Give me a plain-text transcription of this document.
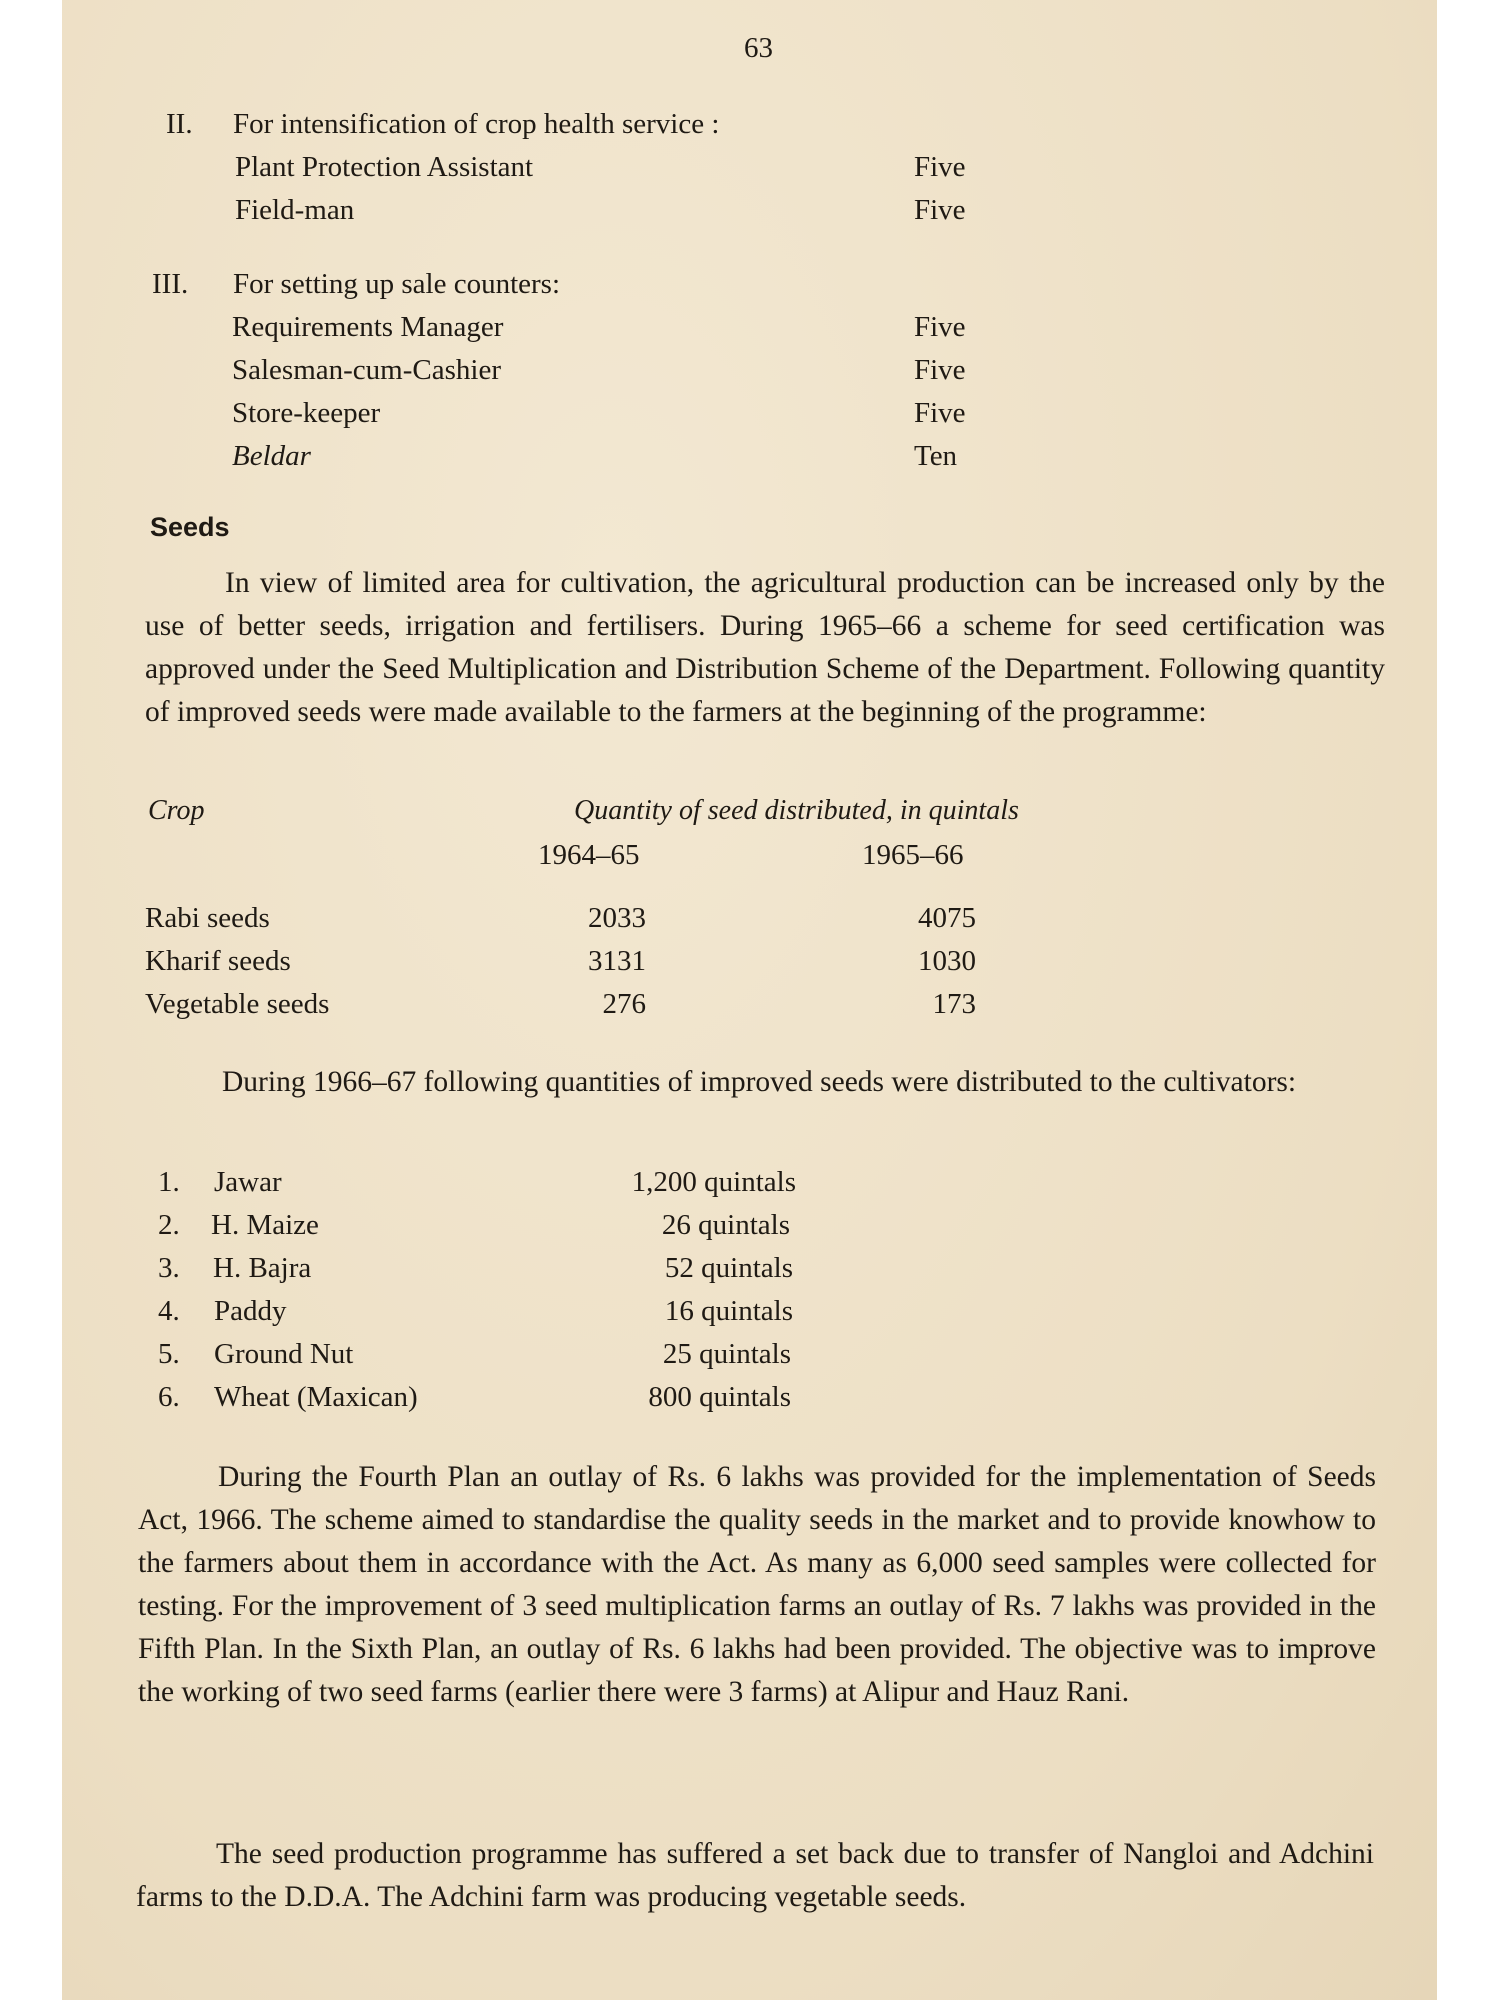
63
II. For intensification of crop health service :
Plant Protection Assistant	Five
Field-man	Five
III. For setting up sale counters:
Requirements Manager	Five
Salesman-cum-Cashier	Five
Store-keeper	Five
Beldar	Ten
Seeds

In view of limited area for cultivation, the agricultural production can be increased only by the use of better seeds, irrigation and fertilisers. During 1965–66 a scheme for seed certification was approved under the Seed Multiplication and Distribution Scheme of the Department. Following quantity of improved seeds were made available to the farmers at the beginning of the programme:

Crop	Quantity of seed distributed, in quintals
1964–65	1965–66
Rabi seeds	2033	4075
Kharif seeds	3131	1030
Vegetable seeds	276	173

During 1966–67 following quantities of improved seeds were distributed to the cultivators:

1. Jawar	1,200 quintals
2. H. Maize	26 quintals
3. H. Bajra	52 quintals
4. Paddy	16 quintals
5. Ground Nut	25 quintals
6. Wheat (Maxican)	800 quintals

During the Fourth Plan an outlay of Rs. 6 lakhs was provided for the implementation of Seeds Act, 1966. The scheme aimed to standardise the quality seeds in the market and to provide knowhow to the farmers about them in accordance with the Act. As many as 6,000 seed samples were collected for testing. For the improvement of 3 seed multiplication farms an outlay of Rs. 7 lakhs was provided in the Fifth Plan. In the Sixth Plan, an outlay of Rs. 6 lakhs had been provided. The objective was to improve the working of two seed farms (earlier there were 3 farms) at Alipur and Hauz Rani.

The seed production programme has suffered a set back due to transfer of Nangloi and Adchini farms to the D.D.A. The Adchini farm was producing vegetable seeds.
